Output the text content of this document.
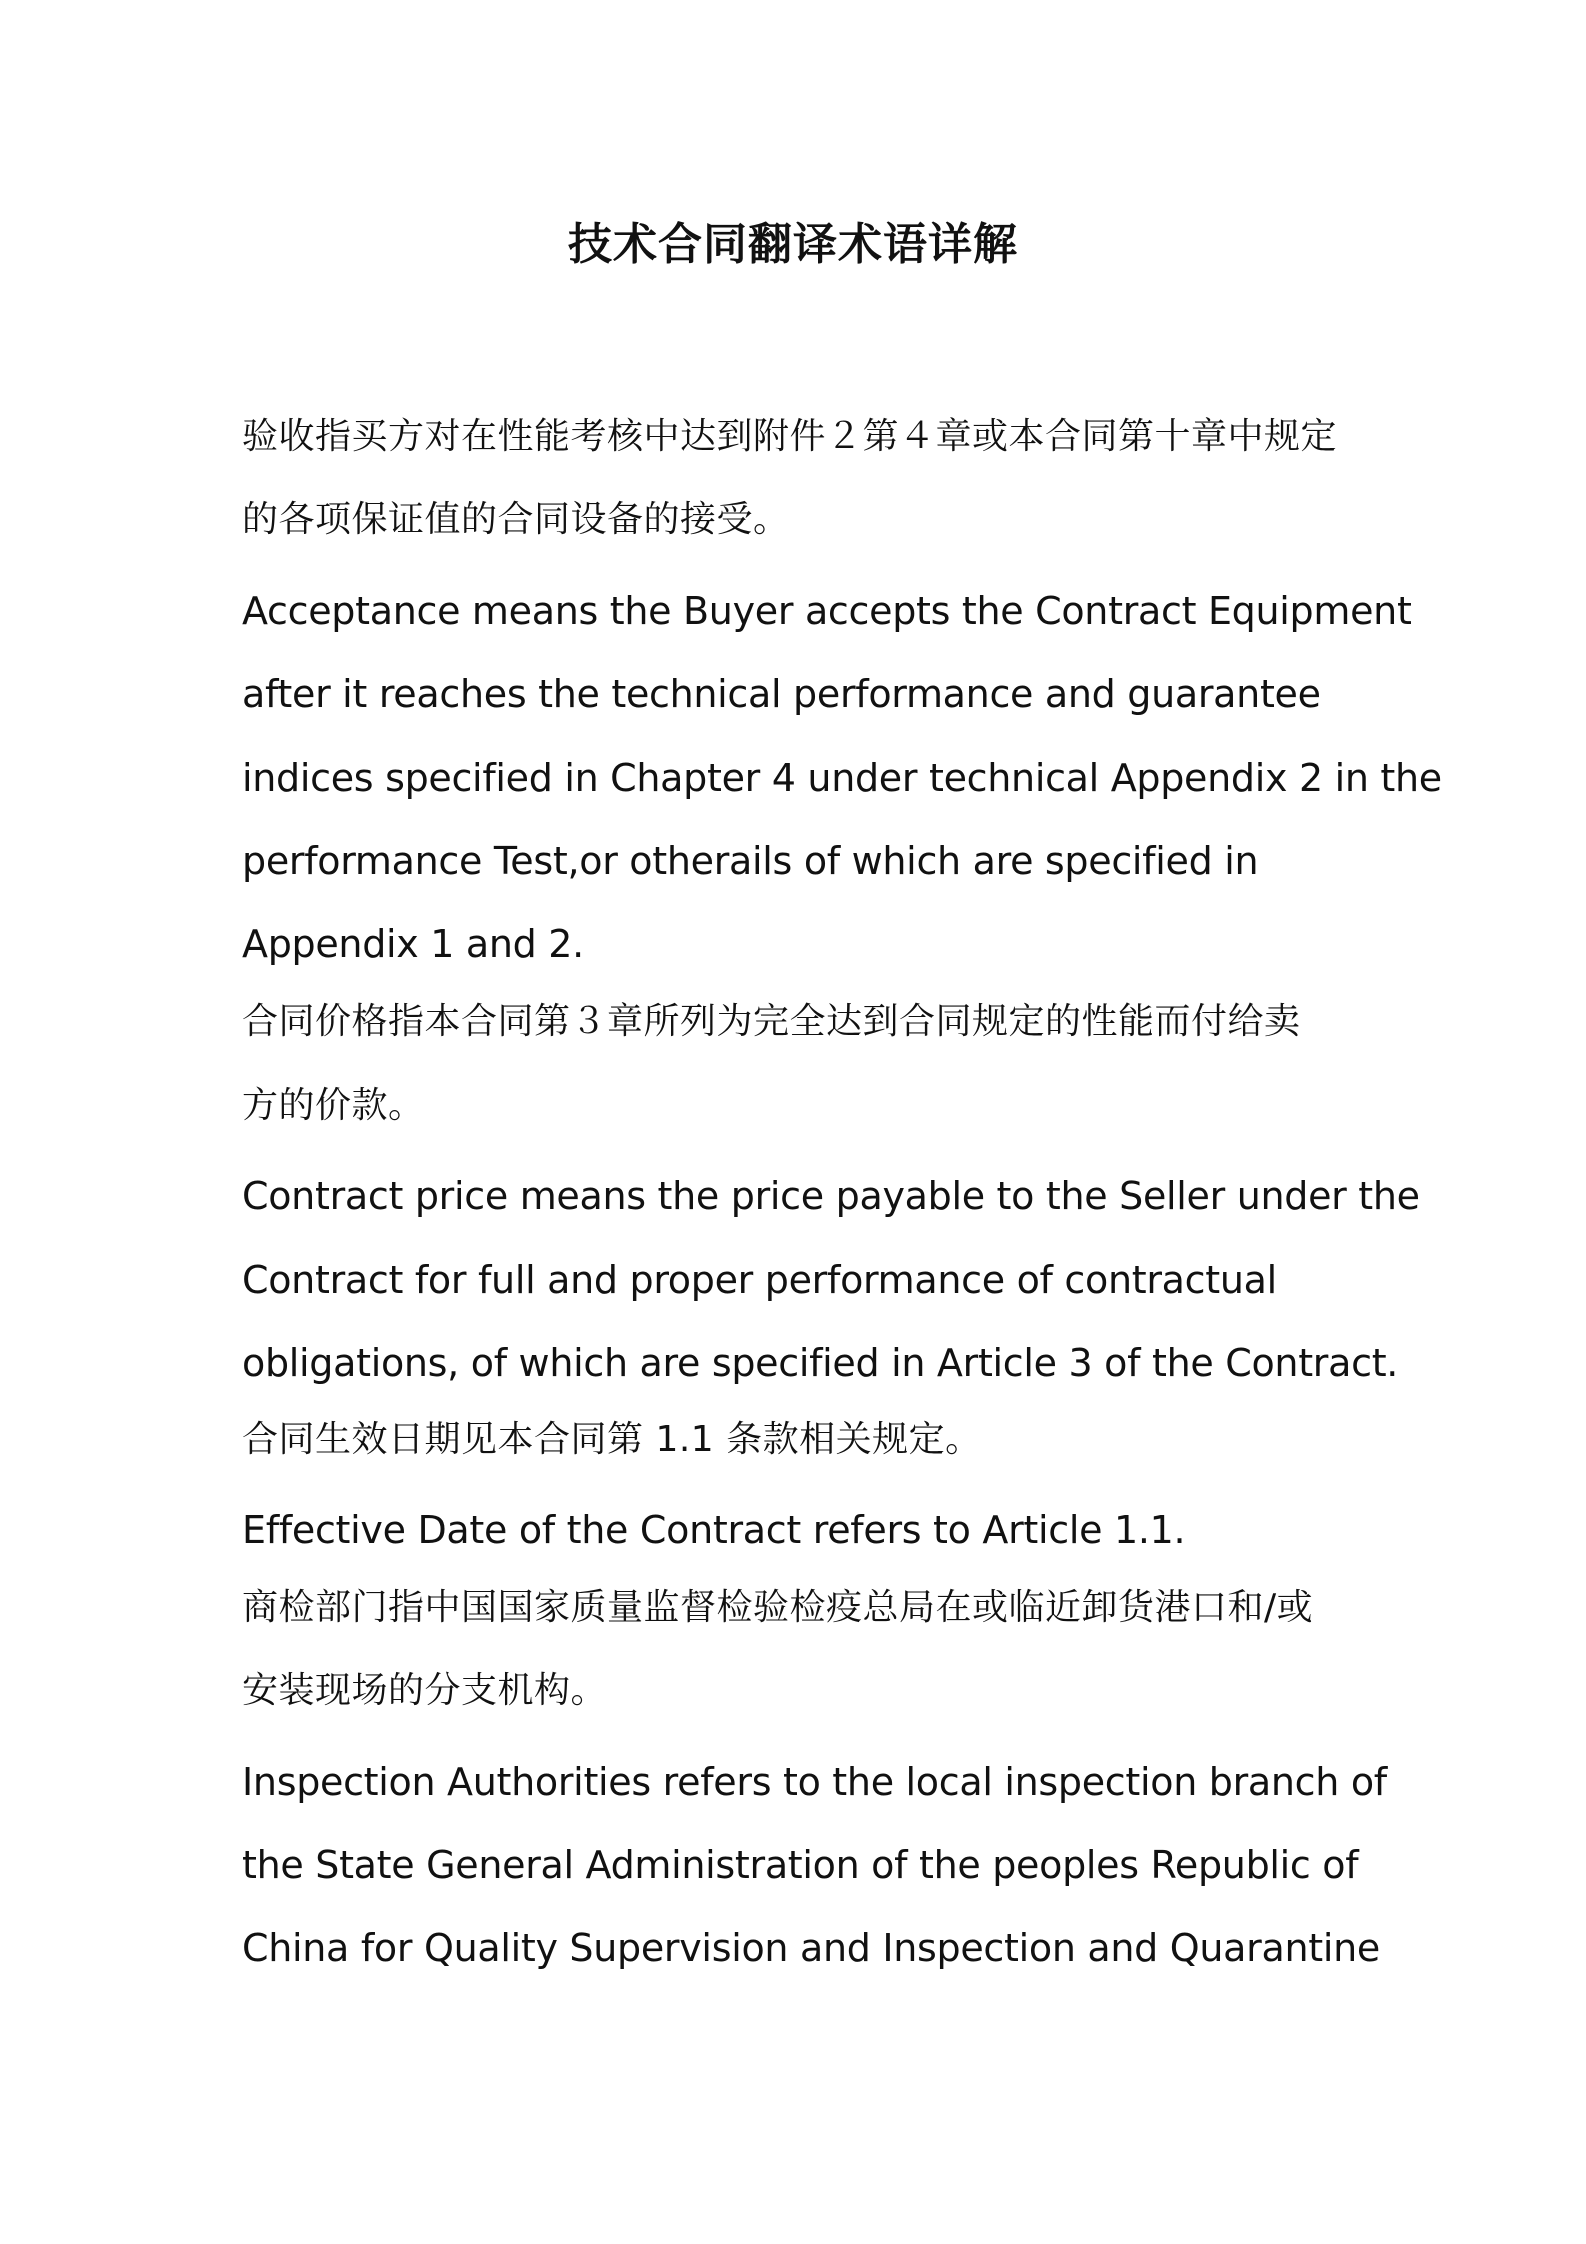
技术合同翻译术语详解

验收指买方对在性能考核中达到附件２第４章或本合同第十章中规定

的各项保证值的合同设备的接受。

Acceptance means the Buyer accepts the Contract Equipment

after it reaches the technical performance and guarantee

indices specified in Chapter 4 under technical Appendix 2 in the

performance Test,or otherails of which are specified in

Appendix 1 and 2.

合同价格指本合同第３章所列为完全达到合同规定的性能而付给卖

方的价款。

Contract price means the price payable to the Seller under the

Contract for full and proper performance of contractual

obligations, of which are specified in Article 3 of the Contract.

合同生效日期见本合同第 1.1 条款相关规定。

Effective Date of the Contract refers to Article 1.1.

商检部门指中国国家质量监督检验检疫总局在或临近卸货港口和/或

安装现场的分支机构。

Inspection Authorities refers to the local inspection branch of

the State General Administration of the peoples Republic of

China for Quality Supervision and Inspection and Quarantine
